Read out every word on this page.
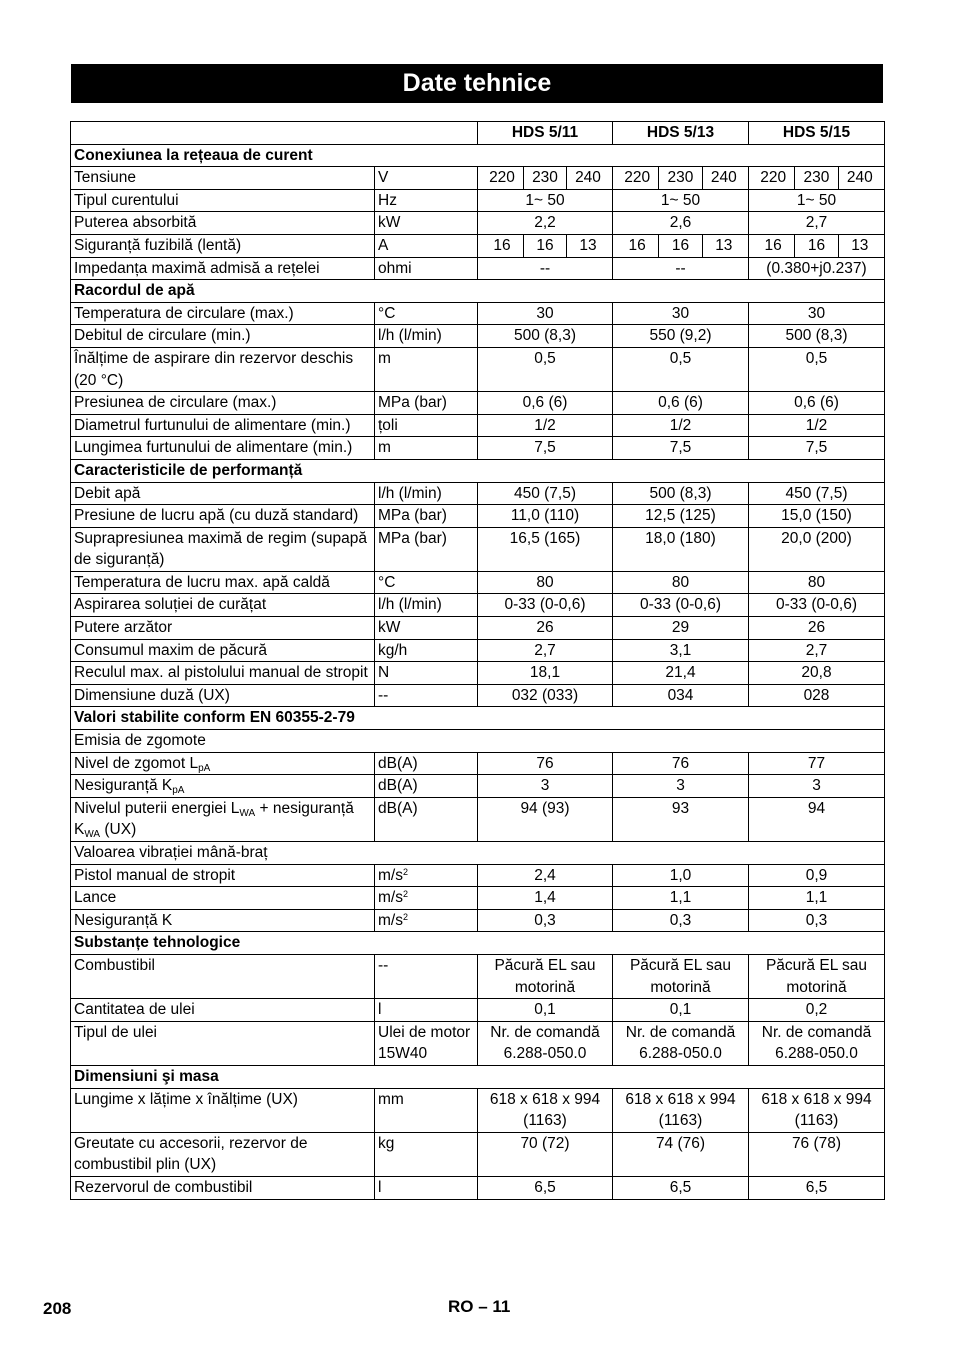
Date tehnice
		HDS 5/11	HDS 5/13	HDS 5/15
Conexiunea la rețeaua de curent				
Tensiune	V	220 230 240	220 230 240	220 230 240

Tipul curentului	Hz	1~ 50	1~ 50	1~ 50
Puterea absorbită	kW	2,2	2,6	2,7
Siguranță fuzibilă (lentă)	A	16 16 13	16 16 13	16 16 13

Impedanța maximă admisă a rețelei	ohmi	--	--	(0.380+j0.237)
Racordul de apă				
Temperatura de circulare (max.)	°C	30	30	30
Debitul de circulare (min.)	l/h (l/min)	500 (8,3)	550 (9,2)	500 (8,3)
Înălțime de aspirare din rezervor deschis (20 °C)	m	0,5	0,5	0,5
Presiunea de circulare (max.)	MPa (bar)	0,6 (6)	0,6 (6)	0,6 (6)
Diametrul furtunului de alimentare (min.)	țoli	1/2	1/2	1/2
Lungimea furtunului de alimentare (min.)	m	7,5	7,5	7,5
Caracteristicile de performanță				
Debit apă	l/h (l/min)	450 (7,5)	500 (8,3)	450 (7,5)
Presiune de lucru apă (cu duză standard)	MPa (bar)	11,0 (110)	12,5 (125)	15,0 (150)
Suprapresiunea maximă de regim (supapă de siguranță)	MPa (bar)	16,5 (165)	18,0 (180)	20,0 (200)
Temperatura de lucru max. apă caldă	°C	80	80	80
Aspirarea soluției de curățat	l/h (l/min)	0-33 (0-0,6)	0-33 (0-0,6)	0-33 (0-0,6)
Putere arzător	kW	26	29	26
Consumul maxim de păcură	kg/h	2,7	3,1	2,7
Reculul max. al pistolului manual de stropit	N	18,1	21,4	20,8
Dimensiune duză (UX)	--	032 (033)	034	028
Valori stabilite conform EN 60355-2-79				
Emisia de zgomote				
Nivel de zgomot $L_{pA}$	dB(A)	76	76	77
Nesiguranță $K_{pA}$	dB(A)	3	3	3
Nivelul puterii energiei $L_{WA}$ + nesiguranță $K_{WA}$ (UX)	dB(A)	94 (93)	93	94
Valoarea vibrației mână-braț				
Pistol manual de stropit	$m/s^2$	2,4	1,0	0,9
Lance	$m/s^2$	1,4	1,1	1,1
Nesiguranță K	$m/s^2$	0,3	0,3	0,3
Substanțe tehnologice				
Combustibil	--	Păcură EL sau motorină	Păcură EL sau motorină	Păcură EL sau motorină
Cantitatea de ulei	l	0,1	0,1	0,2
Tipul de ulei	Ulei de motor 15W40	Nr. de comandă 6.288-050.0	Nr. de comandă 6.288-050.0	Nr. de comandă 6.288-050.0
Dimensiuni şi masa				
Lungime x lățime x înălțime (UX)	mm	618 x 618 x 994 (1163)	618 x 618 x 994 (1163)	618 x 618 x 994 (1163)
Greutate cu accesorii, rezervor de combustibil plin (UX)	kg	70 (72)	74 (76)	76 (78)
Rezervorul de combustibil	l	6,5	6,5	6,5
208	RO – 11
